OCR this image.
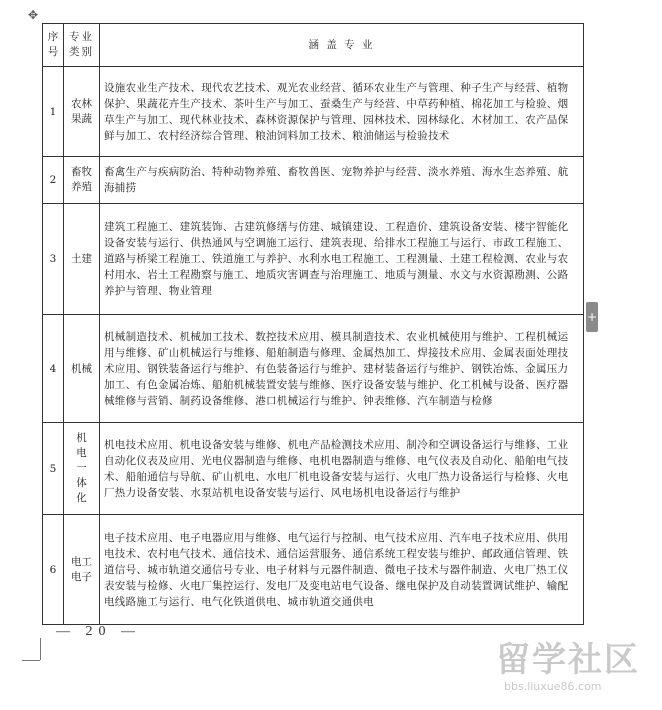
✥
序号	专业类别	涵 盖 专 业
1	农林果蔬	设施农业生产技术、现代农艺技术、观光农业经营、循环农业生产与管理、种子生产与经营、植物保护、果蔬花卉生产技术、茶叶生产与加工、蚕桑生产与经营、中草药种植、棉花加工与检验、烟草生产与加工、现代林业技术、森林资源保护与管理、园林技术、园林绿化、木材加工、农产品保鲜与加工、农村经济综合管理、粮油饲料加工技术、粮油储运与检验技术
2	畜牧养殖	畜禽生产与疾病防治、特种动物养殖、畜牧兽医、宠物养护与经营、淡水养殖、海水生态养殖、航海捕捞
3	土建	建筑工程施工、建筑装饰、古建筑修缮与仿建、城镇建设、工程造价、建筑设备安装、楼宇智能化设备安装与运行、供热通风与空调施工运行、建筑表现、给排水工程施工与运行、市政工程施工、道路与桥梁工程施工、铁道施工与养护、水利水电工程施工、工程测量、土建工程检测、农业与农村用水、岩土工程勘察与施工、地质灾害调查与治理施工、地质与测量、水文与水资源勘测、公路养护与管理、物业管理
4	机械	机械制造技术、机械加工技术、数控技术应用、模具制造技术、农业机械使用与维护、工程机械运用与维修、矿山机械运行与维修、船舶制造与修理、金属热加工、焊接技术应用、金属表面处理技术应用、钢铁装备运行与维护、有色装备运行与维护、建材装备运行与维护、钢铁冶炼、金属压力加工、有色金属冶炼、船舶机械装置安装与维修、医疗设备安装与维护、化工机械与设备、医疗器械维修与营销、制药设备维修、港口机械运行与维护、钟表维修、汽车制造与检修
5	机电一体化	机电技术应用、机电设备安装与维修、机电产品检测技术应用、制冷和空调设备运行与维修、工业自动化仪表及应用、光电仪器制造与维修、电机电器制造与维修、电气仪表及自动化、船舶电气技术、船舶通信与导航、矿山机电、水电厂机电设备安装与运行、火电厂热力设备运行与检修、火电厂热力设备安装、水泵站机电设备安装与运行、风电场机电设备运行与维护
6	电工电子	电子技术应用、电子电器应用与维修、电气运行与控制、电气技术应用、汽车电子技术应用、供用电技术、农村电气技术、通信技术、通信运营服务、通信系统工程安装与维护、邮政通信管理、铁道信号、城市轨道交通信号专业、电子材料与元器件制造、微电子技术与器件制造、火电厂热工仪表安装与检修、火电厂集控运行、发电厂及变电站电气设备、继电保护及自动装置调试维护、输配电线路施工与运行、电气化铁道供电、城市轨道交通供电
+
— 20 —
留学社区
bbs.liuxue86.com
